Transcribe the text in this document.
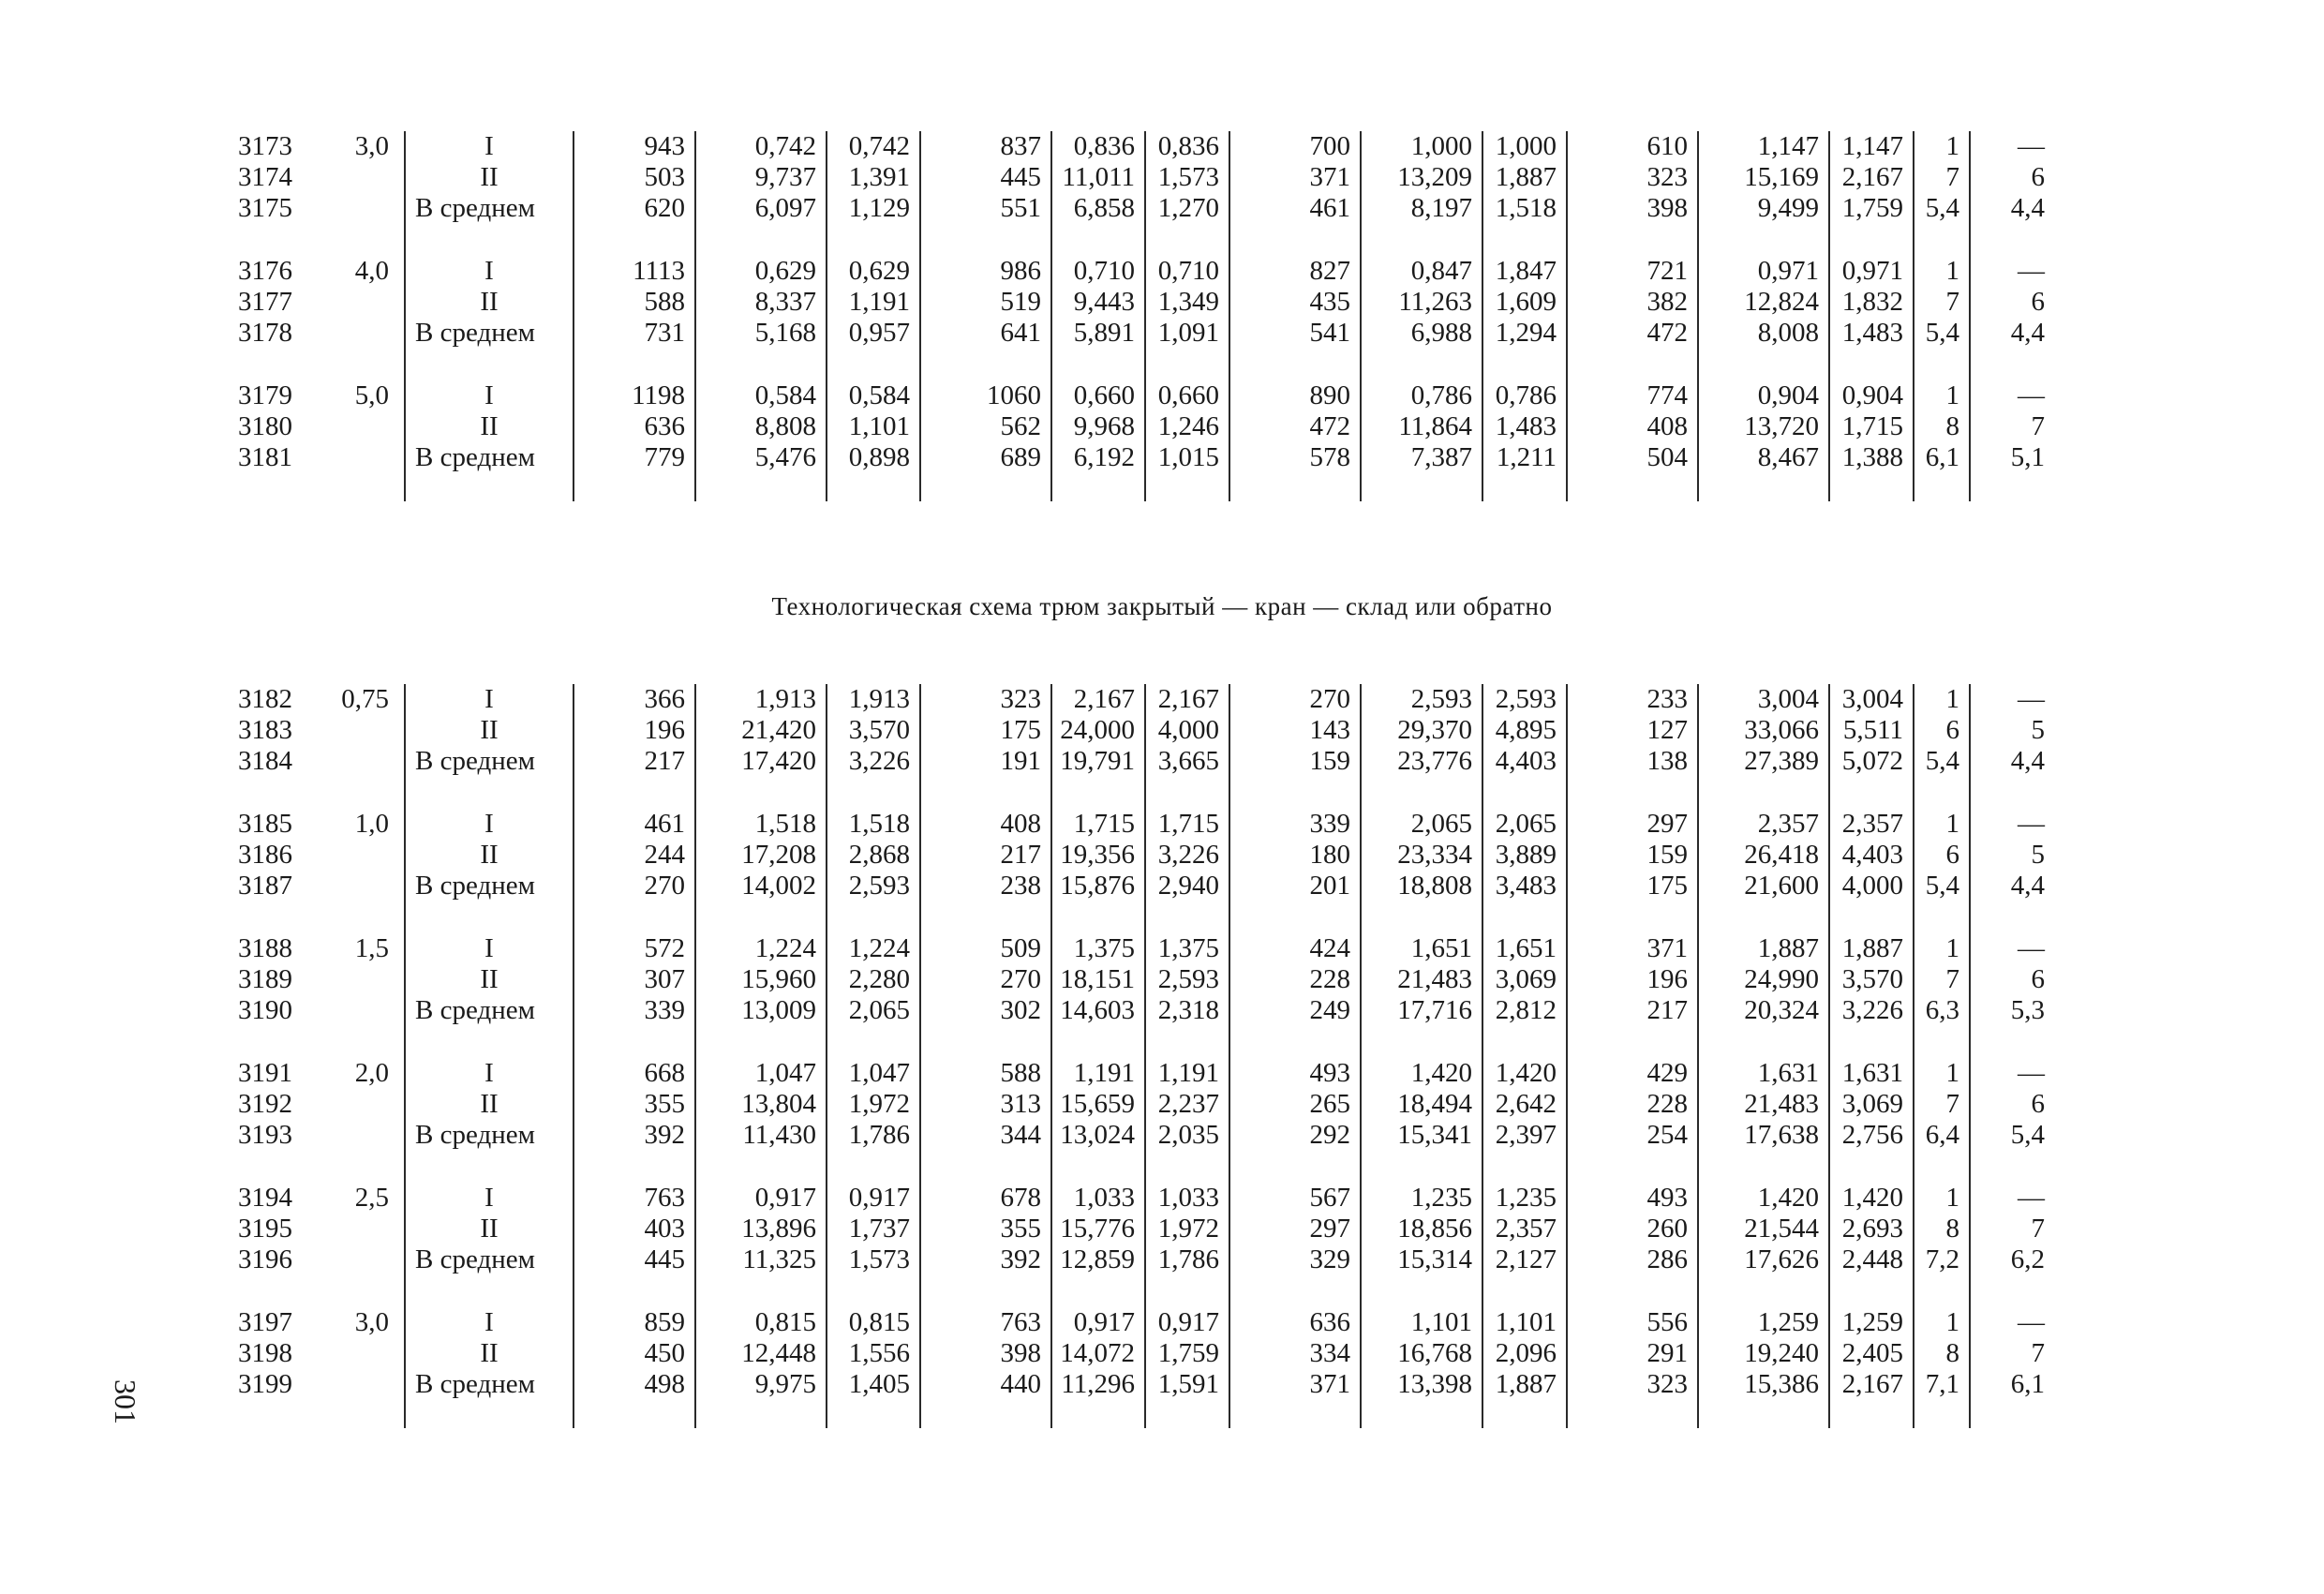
3173	3,0	I	943	0,742	0,742	837	0,836	0,836	700	1,000	1,000	610	1,147	1,147	1	—
3174		II	503	9,737	1,391	445	11,011	1,573	371	13,209	1,887	323	15,169	2,167	7	6
3175		В среднем	620	6,097	1,129	551	6,858	1,270	461	8,197	1,518	398	9,499	1,759	5,4	4,4

3176	4,0	I	1113	0,629	0,629	986	0,710	0,710	827	0,847	1,847	721	0,971	0,971	1	—
3177		II	588	8,337	1,191	519	9,443	1,349	435	11,263	1,609	382	12,824	1,832	7	6
3178		В среднем	731	5,168	0,957	641	5,891	1,091	541	6,988	1,294	472	8,008	1,483	5,4	4,4

3179	5,0	I	1198	0,584	0,584	1060	0,660	0,660	890	0,786	0,786	774	0,904	0,904	1	—
3180		II	636	8,808	1,101	562	9,968	1,246	472	11,864	1,483	408	13,720	1,715	8	7
3181		В среднем	779	5,476	0,898	689	6,192	1,015	578	7,387	1,211	504	8,467	1,388	6,1	5,1

Технологическая схема трюм закрытый — кран — склад или обратно
3182	0,75	I	366	1,913	1,913	323	2,167	2,167	270	2,593	2,593	233	3,004	3,004	1	—
3183		II	196	21,420	3,570	175	24,000	4,000	143	29,370	4,895	127	33,066	5,511	6	5
3184		В среднем	217	17,420	3,226	191	19,791	3,665	159	23,776	4,403	138	27,389	5,072	5,4	4,4

3185	1,0	I	461	1,518	1,518	408	1,715	1,715	339	2,065	2,065	297	2,357	2,357	1	—
3186		II	244	17,208	2,868	217	19,356	3,226	180	23,334	3,889	159	26,418	4,403	6	5
3187		В среднем	270	14,002	2,593	238	15,876	2,940	201	18,808	3,483	175	21,600	4,000	5,4	4,4

3188	1,5	I	572	1,224	1,224	509	1,375	1,375	424	1,651	1,651	371	1,887	1,887	1	—
3189		II	307	15,960	2,280	270	18,151	2,593	228	21,483	3,069	196	24,990	3,570	7	6
3190		В среднем	339	13,009	2,065	302	14,603	2,318	249	17,716	2,812	217	20,324	3,226	6,3	5,3

3191	2,0	I	668	1,047	1,047	588	1,191	1,191	493	1,420	1,420	429	1,631	1,631	1	—
3192		II	355	13,804	1,972	313	15,659	2,237	265	18,494	2,642	228	21,483	3,069	7	6
3193		В среднем	392	11,430	1,786	344	13,024	2,035	292	15,341	2,397	254	17,638	2,756	6,4	5,4

3194	2,5	I	763	0,917	0,917	678	1,033	1,033	567	1,235	1,235	493	1,420	1,420	1	—
3195		II	403	13,896	1,737	355	15,776	1,972	297	18,856	2,357	260	21,544	2,693	8	7
3196		В среднем	445	11,325	1,573	392	12,859	1,786	329	15,314	2,127	286	17,626	2,448	7,2	6,2

3197	3,0	I	859	0,815	0,815	763	0,917	0,917	636	1,101	1,101	556	1,259	1,259	1	—
3198		II	450	12,448	1,556	398	14,072	1,759	334	16,768	2,096	291	19,240	2,405	8	7
3199		В среднем	498	9,975	1,405	440	11,296	1,591	371	13,398	1,887	323	15,386	2,167	7,1	6,1

301
